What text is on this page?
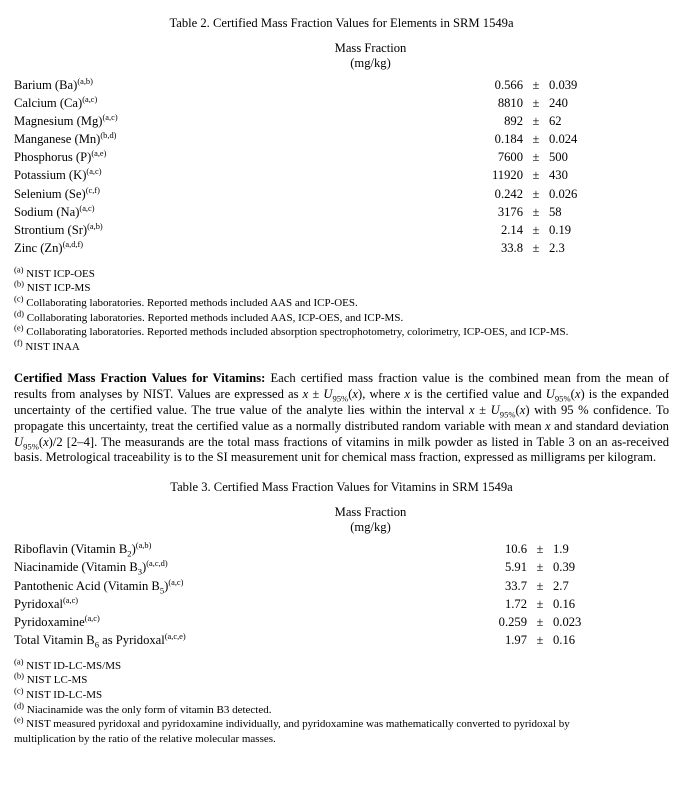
Table 2. Certified Mass Fraction Values for Elements in SRM 1549a
Mass Fraction
(mg/kg)
Barium $(Ba)^{(a,b)}$	0.566	±	0.039
Calcium $(Ca)^{(a,c)}$	8810	±	240
Magnesium $(Mg)^{(a,c)}$	892	±	62
Manganese $(Mn)^{(b,d)}$	0.184	±	0.024
Phosphorus $(P)^{(a,e)}$	7600	±	500
Potassium $(K)^{(a,c)}$	11920	±	430
Selenium $(Se)^{(c,f)}$	0.242	±	0.026
Sodium $(Na)^{(a,c)}$	3176	±	58
Strontium $(Sr)^{(a,b)}$	2.14	±	0.19
Zinc $(Zn)^{(a,d,f)}$	33.8	±	2.3
$^{(a)}$ NIST ICP-OES
$^{(b)}$ NIST ICP-MS
$^{(c)}$ Collaborating laboratories. Reported methods included AAS and ICP-OES.
$^{(d)}$ Collaborating laboratories. Reported methods included AAS, ICP-OES, and ICP-MS.
$^{(e)}$ Collaborating laboratories. Reported methods included absorption spectrophotometry, colorimetry, ICP-OES, and ICP-MS.
$^{(f)}$ NIST INAA
Certified Mass Fraction Values for Vitamins: Each certified mass fraction value is the combined mean from the mean of results from analyses by NIST. Values are expressed as $x \pm U_{95\%}(x)$, where x is the certified value and $U_{95\%}(x)$ is the expanded uncertainty of the certified value. The true value of the analyte lies within the interval $x \pm U_{95\%}(x)$ with 95 % confidence. To propagate this uncertainty, treat the certified value as a normally distributed random variable with mean x and standard deviation $U_{95\%}(x)/2$ [2–4]. The measurands are the total mass fractions of vitamins in milk powder as listed in Table 3 on an as-received basis. Metrological traceability is to the SI measurement unit for chemical mass fraction, expressed as milligrams per kilogram.
Table 3. Certified Mass Fraction Values for Vitamins in SRM 1549a
Mass Fraction
(mg/kg)
Riboflavin (Vitamin $B_2)^{(a,b)}$	10.6	±	1.9
Niacinamide (Vitamin $B_3)^{(a,c,d)}$	5.91	±	0.39
Pantothenic Acid (Vitamin $B_5)^{(a,c)}$	33.7	±	2.7
Pyridoxal$^{(a,c)}$	1.72	±	0.16
Pyridoxamine$^{(a,c)}$	0.259	±	0.023
Total Vitamin $B_6$ as Pyridoxal$^{(a,c,e)}$	1.97	±	0.16
$^{(a)}$ NIST ID-LC-MS/MS
$^{(b)}$ NIST LC-MS
$^{(c)}$ NIST ID-LC-MS
$^{(d)}$ Niacinamide was the only form of vitamin B3 detected.
$^{(e)}$ NIST measured pyridoxal and pyridoxamine individually, and pyridoxamine was mathematically converted to pyridoxal by
multiplication by the ratio of the relative molecular masses.
